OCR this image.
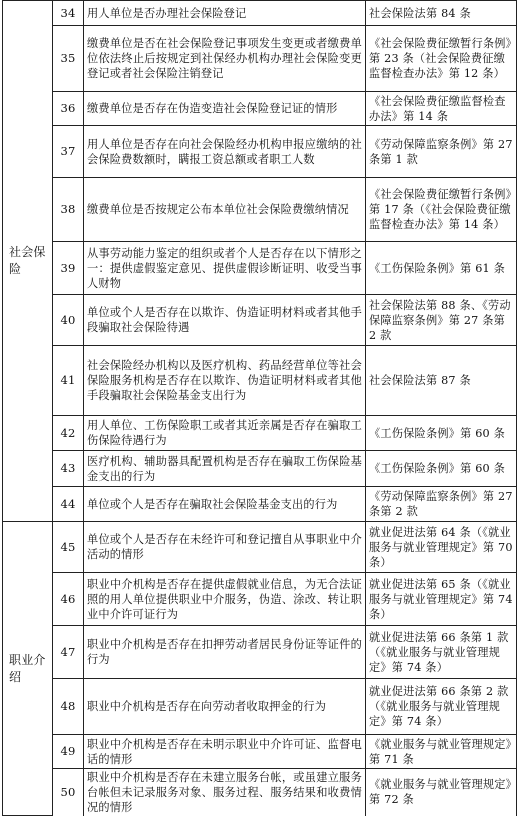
社会保险	34	用人单位是否办理社会保险登记	社会保险法第 84 条
	35	缴费单位是否在社会保险登记事项发生变更或者缴费单位依法终止后按规定到社保经办机构办理社会保险变更登记或者社会保险注销登记	《社会保险费征缴暂行条例》第 23 条（社会保险费征缴监督检查办法》第 12 条）
	36	缴费单位是否存在伪造变造社会保险登记证的情形	《社会保险费征缴监督检查办法》第 14 条
	37	用人单位是否存在向社会保险经办机构申报应缴纳的社会保险费数额时，瞒报工资总额或者职工人数	《劳动保障监察条例》第 27 条第 1 款
	38	缴费单位是否按规定公布本单位社会保险费缴纳情况	《社会保险费征缴暂行条例》第 17 条（《社会保险费征缴监督检查办法》第 14 条）
	39	从事劳动能力鉴定的组织或者个人是否存在以下情形之一：提供虚假鉴定意见、提供虚假诊断证明、收受当事人财物	《工伤保险条例》第 61 条
	40	单位或个人是否存在以欺诈、伪造证明材料或者其他手段骗取社会保险待遇	社会保险法第 88 条、《劳动保障监察条例》第 27 条第 2 款
	41	社会保险经办机构以及医疗机构、药品经营单位等社会保险服务机构是否存在以欺诈、伪造证明材料或者其他手段骗取社会保险基金支出行为	社会保险法第 87 条
	42	用人单位、工伤保险职工或者其近亲属是否存在骗取工伤保险待遇行为	《工伤保险条例》第 60 条
	43	医疗机构、辅助器具配置机构是否存在骗取工伤保险基金支出的行为	《工伤保险条例》第 60 条
	44	单位或个人是否存在骗取社会保险基金支出的行为	《劳动保障监察条例》第 27 条第 2 款
职业介绍	45	单位或个人是否存在未经许可和登记擅自从事职业中介活动的情形	就业促进法第 64 条（《就业服务与就业管理规定》第 70 条）
	46	职业中介机构是否存在提供虚假就业信息，为无合法证照的用人单位提供职业中介服务，伪造、涂改、转让职业中介许可证行为	就业促进法第 65 条（《就业服务与就业管理规定》第 74 条）
	47	职业中介机构是否存在扣押劳动者居民身份证等证件的行为	就业促进法第 66 条第 1 款（《就业服务与就业管理规定》第 74 条）
	48	职业中介机构是否存在向劳动者收取押金的行为	就业促进法第 66 条第 2 款（《就业服务与就业管理规定》第 74 条）
	49	职业中介机构是否存在未明示职业中介许可证、监督电话的情形	《就业服务与就业管理规定》第 71 条
	50	职业中介机构是否存在未建立服务台帐，或虽建立服务台帐但未记录服务对象、服务过程、服务结果和收费情况的情形	《就业服务与就业管理规定》第 72 条
